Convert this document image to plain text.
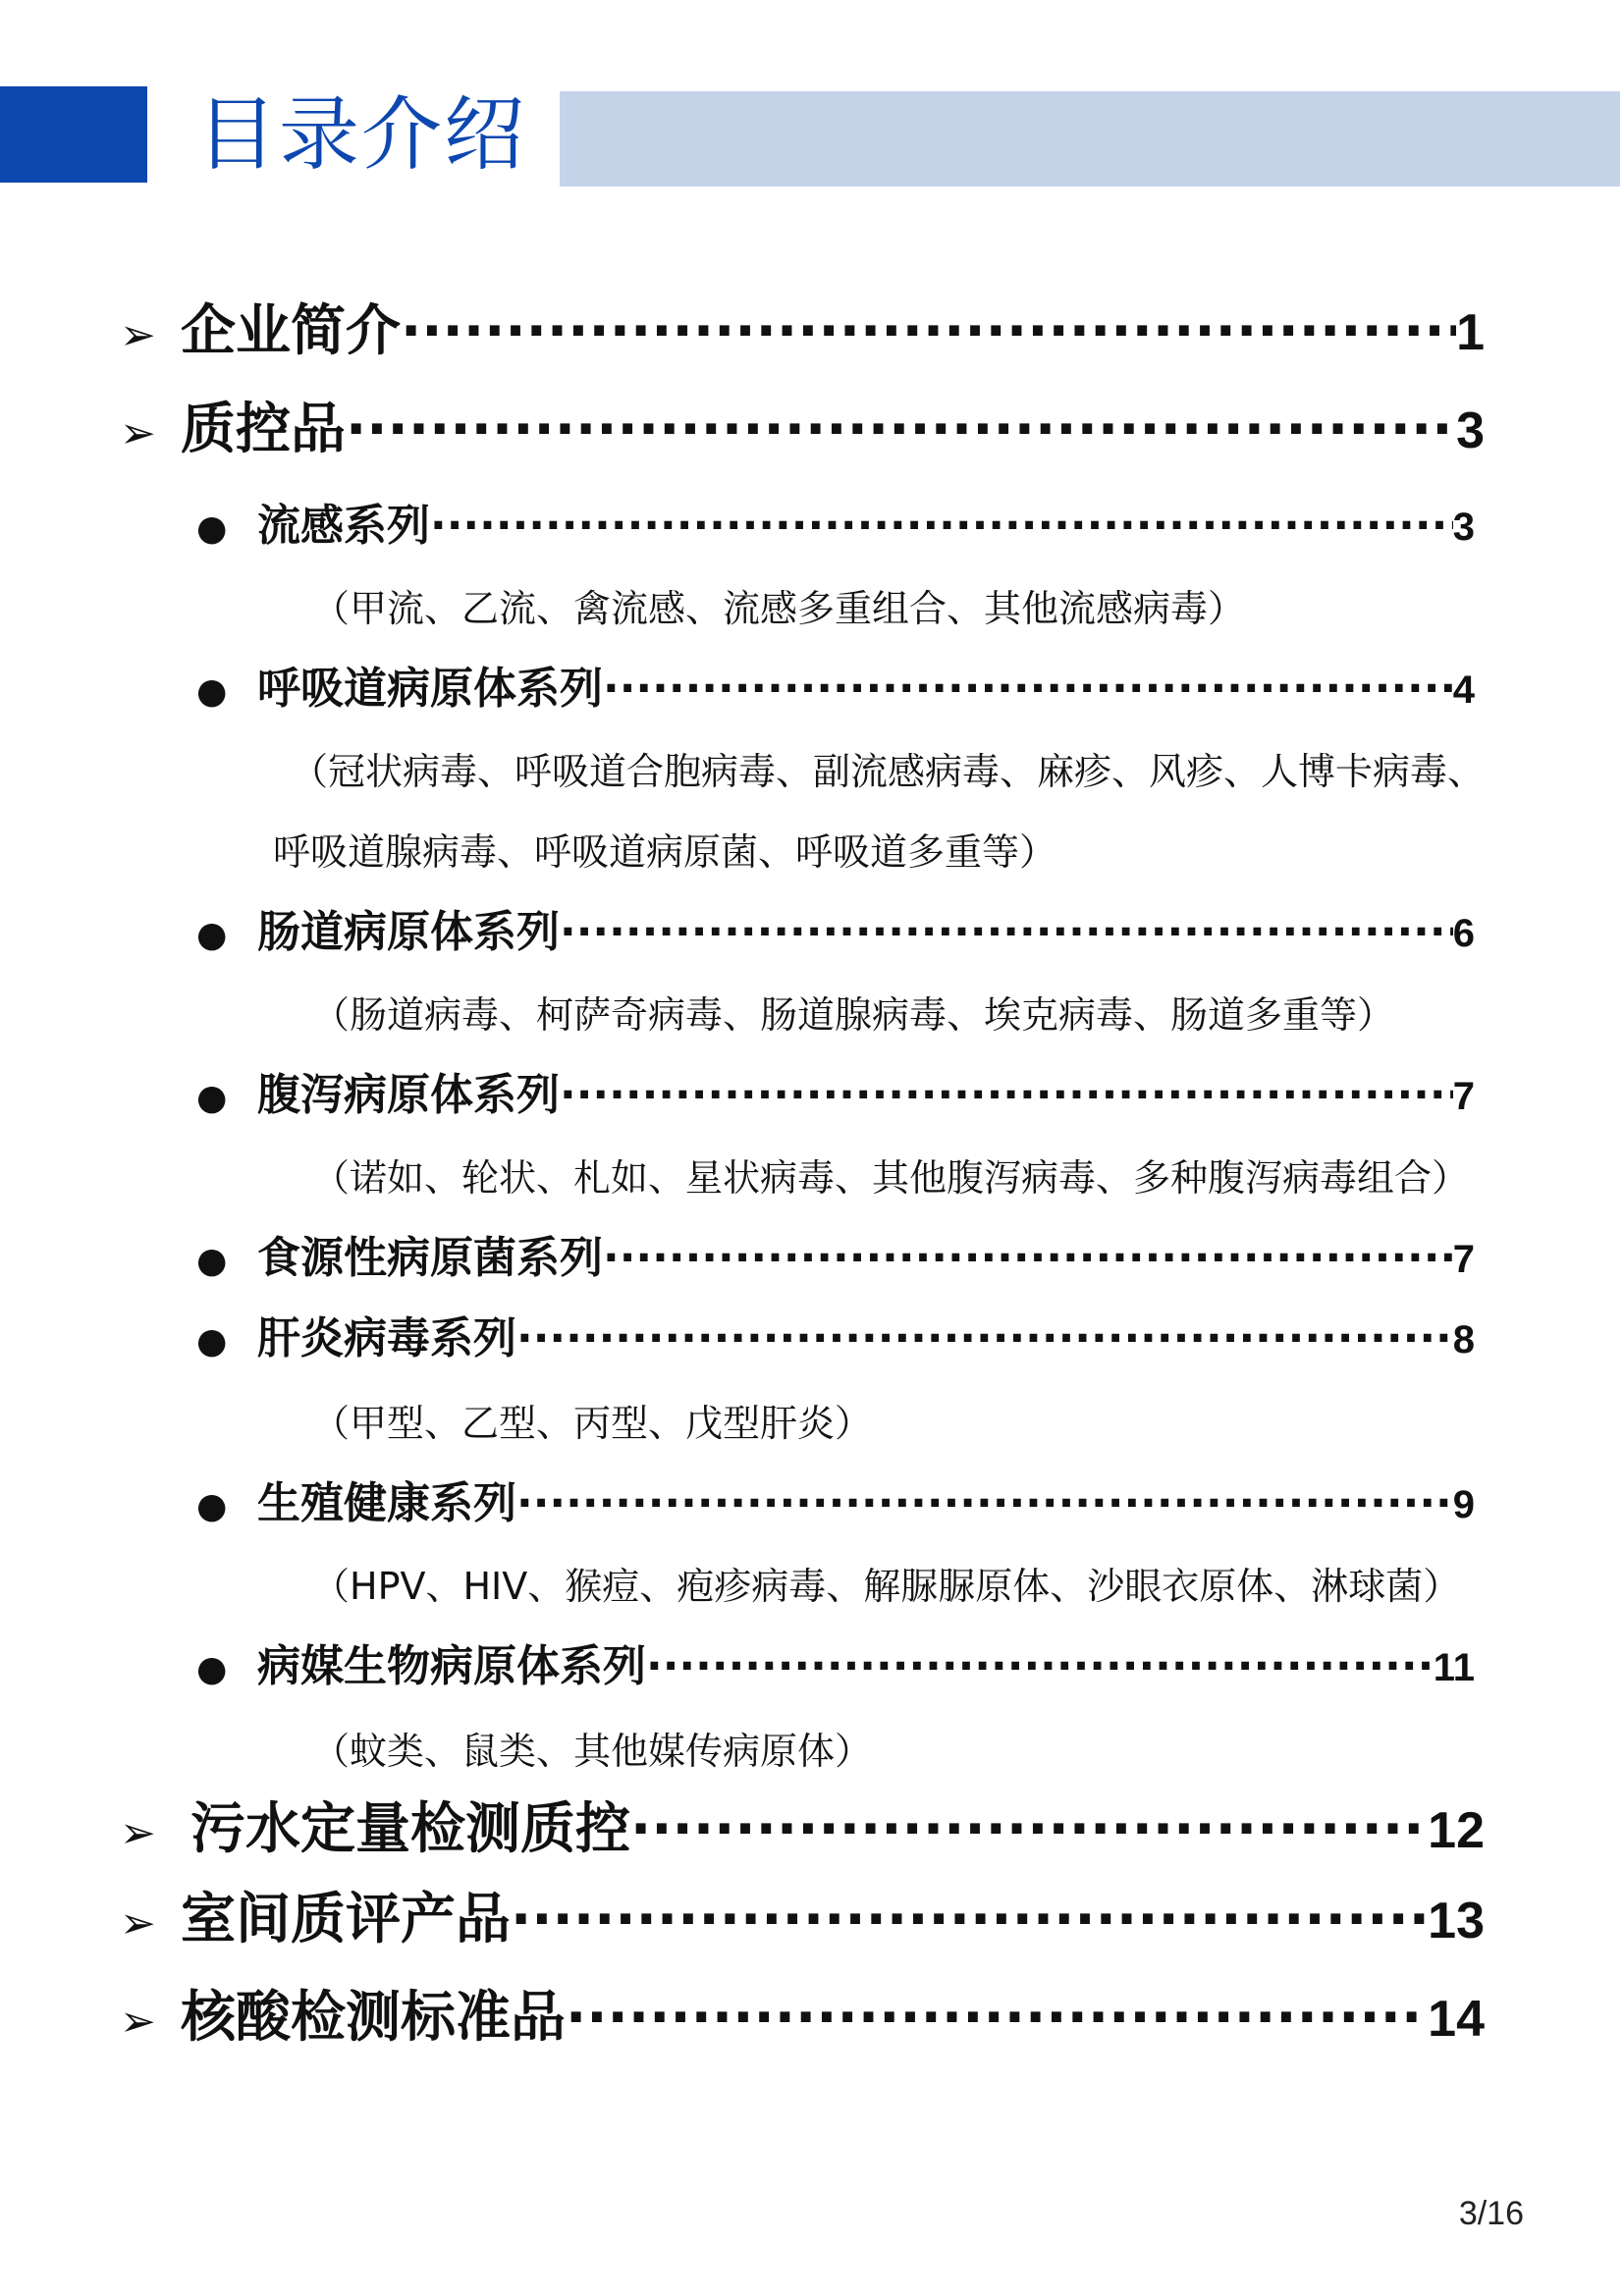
目录介绍
➢ 企业简介 ·····	1
➢ 质控品 ·····	3
● 流感系列 ·····	3
（甲流、乙流、禽流感、流感多重组合、其他流感病毒）
● 呼吸道病原体系列 ·····	4
（冠状病毒、呼吸道合胞病毒、副流感病毒、麻疹、风疹、人博卡病毒、
呼吸道腺病毒、呼吸道病原菌、呼吸道多重等）
● 肠道病原体系列 ·····	6
（肠道病毒、柯萨奇病毒、肠道腺病毒、埃克病毒、肠道多重等）
● 腹泻病原体系列 ·····	7
（诺如、轮状、札如、星状病毒、其他腹泻病毒、多种腹泻病毒组合）
● 食源性病原菌系列 ·····	7
● 肝炎病毒系列 ·····	8
（甲型、乙型、丙型、戊型肝炎）
● 生殖健康系列 ·····	9
（HPV、HIV、猴痘、疱疹病毒、解脲脲原体、沙眼衣原体、淋球菌）
● 病媒生物病原体系列 ·····	11
（蚊类、鼠类、其他媒传病原体）
➢ 污水定量检测质控 ·····	12
➢ 室间质评产品 ·····	13
➢ 核酸检测标准品 ·····	14
3/16
